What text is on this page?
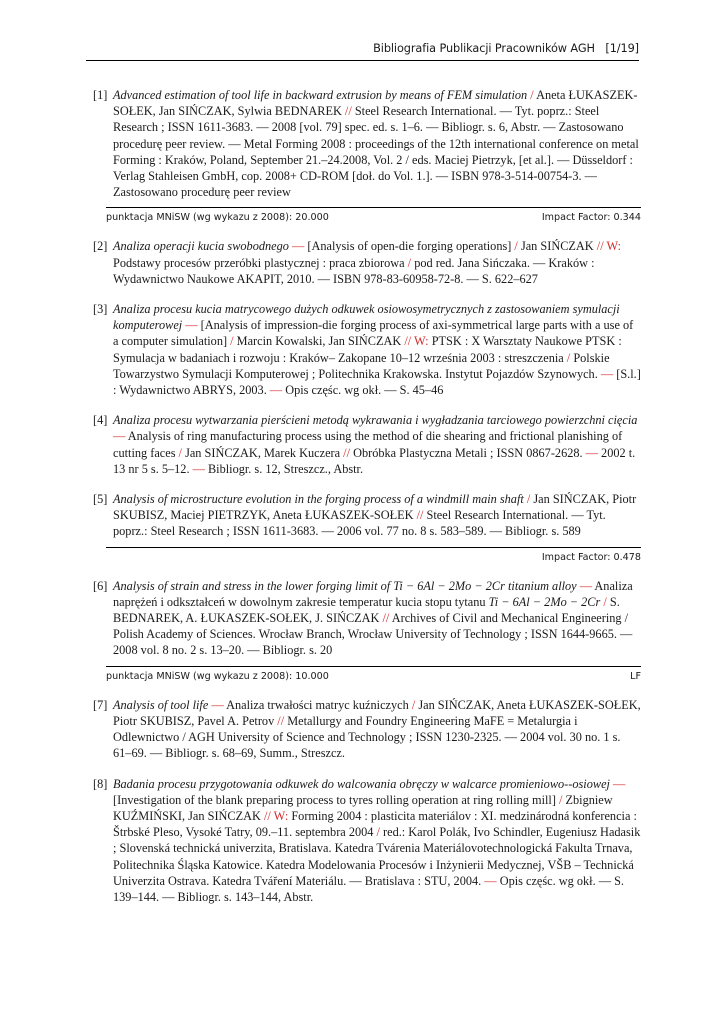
Bibliografia Publikacji Pracowników AGH [1/19]
[1] Advanced estimation of tool life in backward extrusion by means of FEM simulation / Aneta ŁUKASZEK-SOŁEK, Jan SIŃCZAK, Sylwia BEDNAREK // Steel Research International. — Tyt. poprz.: Steel Research ; ISSN 1611-3683. — 2008 [vol. 79] spec. ed. s. 1–6. — Bibliogr. s. 6, Abstr. — Zastosowano procedurę peer review. — Metal Forming 2008 : proceedings of the 12th international conference on metal Forming : Kraków, Poland, September 21.–24.2008, Vol. 2 / eds. Maciej Pietrzyk, [et al.]. — Düsseldorf : Verlag Stahleisen GmbH, cop. 2008+ CD-ROM [doł. do Vol. 1.]. — ISBN 978-3-514-00754-3. — Zastosowano procedurę peer review
punktacja MNiSW (wg wykazu z 2008): 20.000	Impact Factor: 0.344
[2] Analiza operacji kucia swobodnego — [Analysis of open-die forging operations] / Jan SIŃCZAK // W: Podstawy procesów przeróbki plastycznej : praca zbiorowa / pod red. Jana Sińczaka. — Kraków : Wydawnictwo Naukowe AKAPIT, 2010. — ISBN 978-83-60958-72-8. — S. 622–627
[3] Analiza procesu kucia matrycowego dużych odkuwek osiowosymetrycznych z zastosowaniem symulacji komputerowej — [Analysis of impression-die forging process of axi-symmetrical large parts with a use of a computer simulation] / Marcin Kowalski, Jan SIŃCZAK // W: PTSK : X Warsztaty Naukowe PTSK : Symulacja w badaniach i rozwoju : Kraków– Zakopane 10–12 września 2003 : streszczenia / Polskie Towarzystwo Symulacji Komputerowej ; Politechnika Krakowska. Instytut Pojazdów Szynowych. — [S.l.] : Wydawnictwo ABRYS, 2003. — Opis częśc. wg okł. — S. 45–46
[4] Analiza procesu wytwarzania pierścieni metodą wykrawania i wygładzania tarciowego powierzchni cięcia — Analysis of ring manufacturing process using the method of die shearing and frictional planishing of cutting faces / Jan SIŃCZAK, Marek Kuczera // Obróbka Plastyczna Metali ; ISSN 0867-2628. — 2002 t. 13 nr 5 s. 5–12. — Bibliogr. s. 12, Streszcz., Abstr.
[5] Analysis of microstructure evolution in the forging process of a windmill main shaft / Jan SIŃCZAK, Piotr SKUBISZ, Maciej PIETRZYK, Aneta ŁUKASZEK-SOŁEK // Steel Research International. — Tyt. poprz.: Steel Research ; ISSN 1611-3683. — 2006 vol. 77 no. 8 s. 583–589. — Bibliogr. s. 589
Impact Factor: 0.478
[6] Analysis of strain and stress in the lower forging limit of Ti − 6Al − 2Mo − 2Cr titanium alloy — Analiza naprężeń i odkształceń w dowolnym zakresie temperatur kucia stopu tytanu Ti − 6Al − 2Mo − 2Cr / S. BEDNAREK, A. ŁUKASZEK-SOŁEK, J. SIŃCZAK // Archives of Civil and Mechanical Engineering / Polish Academy of Sciences. Wrocław Branch, Wrocław University of Technology ; ISSN 1644-9665. — 2008 vol. 8 no. 2 s. 13–20. — Bibliogr. s. 20
punktacja MNiSW (wg wykazu z 2008): 10.000	LF
[7] Analysis of tool life — Analiza trwałości matryc kuźniczych / Jan SIŃCZAK, Aneta ŁUKASZEK-SOŁEK, Piotr SKUBISZ, Pavel A. Petrov // Metallurgy and Foundry Engineering MaFE = Metalurgia i Odlewnictwo / AGH University of Science and Technology ; ISSN 1230-2325. — 2004 vol. 30 no. 1 s. 61–69. — Bibliogr. s. 68–69, Summ., Streszcz.
[8] Badania procesu przygotowania odkuwek do walcowania obręczy w walcarce promieniowo--osiowej — [Investigation of the blank preparing process to tyres rolling operation at ring rolling mill] / Zbigniew KUŹMIŃSKI, Jan SIŃCZAK // W: Forming 2004 : plasticita materiálov : XI. medzinárodná konferencia : Štrbské Pleso, Vysoké Tatry, 09.–11. septembra 2004 / red.: Karol Polák, Ivo Schindler, Eugeniusz Hadasik ; Slovenská technická univerzita, Bratislava. Katedra Tvárenia Materiálovotechnologická Fakulta Trnava, Politechnika Śląska Katowice. Katedra Modelowania Procesów i Inżynierii Medycznej, VŠB – Technická Univerzita Ostrava. Katedra Tváření Materiálu. — Bratislava : STU, 2004. — Opis częśc. wg okł. — S. 139–144. — Bibliogr. s. 143–144, Abstr.
